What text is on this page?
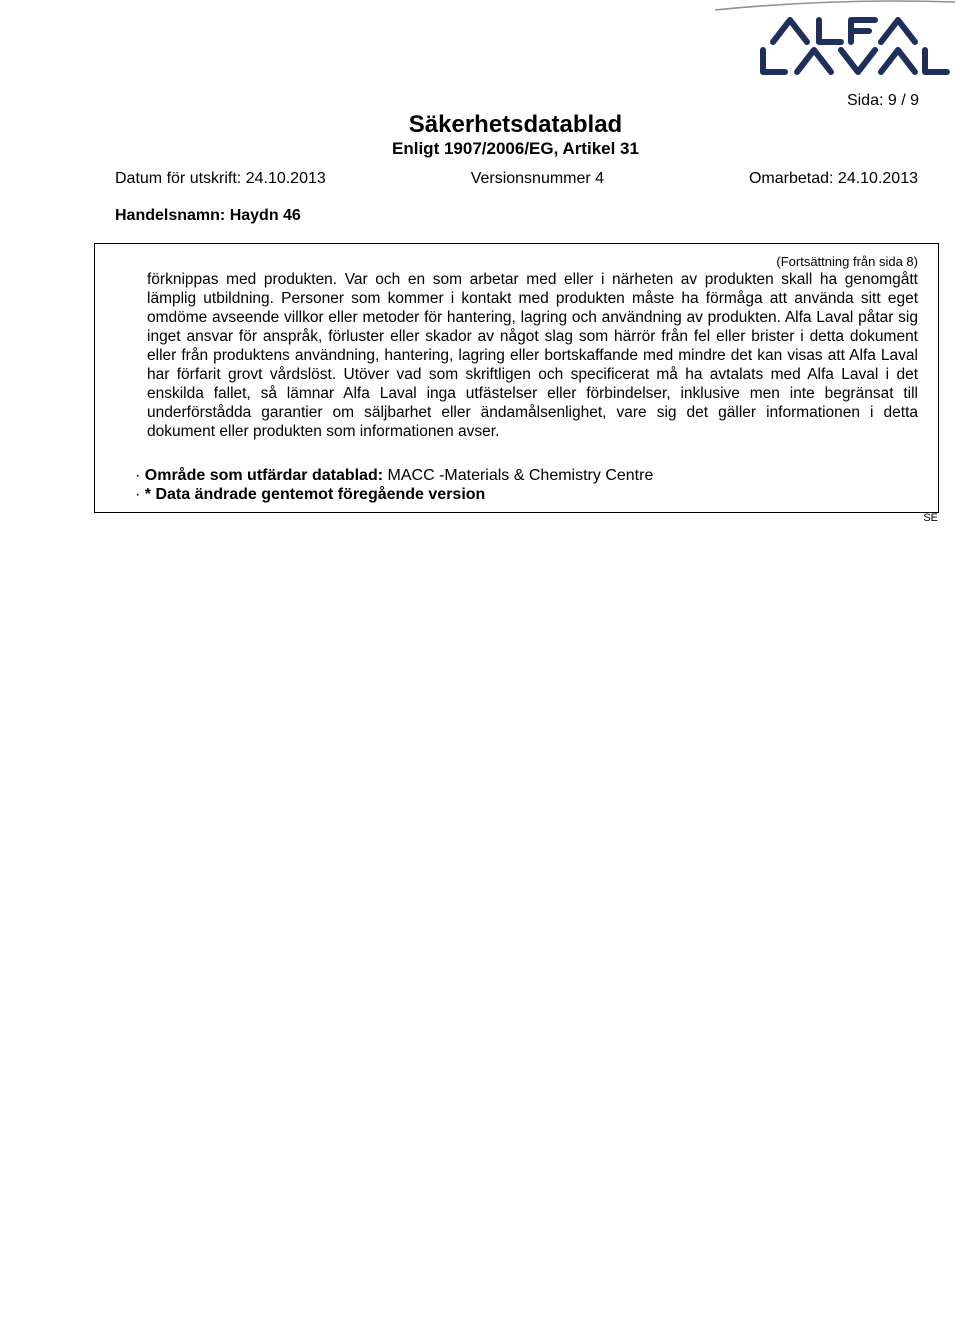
Sida: 9 / 9
Säkerhetsdatablad
Enligt 1907/2006/EG, Artikel 31
Datum för utskrift: 24.10.2013	Versionsnummer 4	Omarbetad: 24.10.2013
Handelsnamn: Haydn 46
(Fortsättning från sida 8)

förknippas med produkten. Var och en som arbetar med eller i närheten av produkten skall ha genomgått lämplig utbildning. Personer som kommer i kontakt med produkten måste ha förmåga att använda sitt eget omdöme avseende villkor eller metoder för hantering, lagring och användning av produkten. Alfa Laval påtar sig inget ansvar för anspråk, förluster eller skador av något slag som härrör från fel eller brister i detta dokument eller från produktens användning, hantering, lagring eller bortskaffande med mindre det kan visas att Alfa Laval har förfarit grovt vårdslöst. Utöver vad som skriftligen och specificerat må ha avtalats med Alfa Laval i det enskilda fallet, så lämnar Alfa Laval inga utfästelser eller förbindelser, inklusive men inte begränsat till underförstådda garantier om säljbarhet eller ändamålsenlighet, vare sig det gäller informationen i detta dokument eller produkten som informationen avser.

· Område som utfärdar datablad: MACC -Materials & Chemistry Centre
· * Data ändrade gentemot föregående version
SE
